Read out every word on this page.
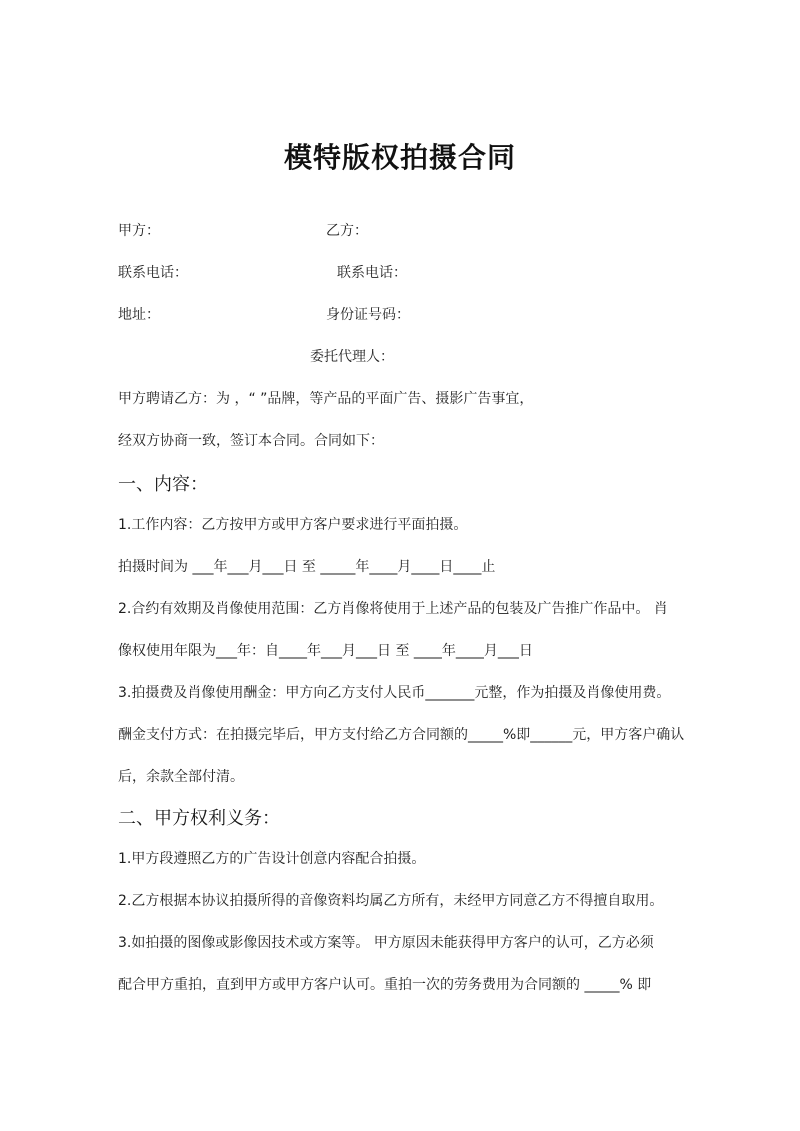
模特版权拍摄合同
甲方：	乙方：
联系电话：	联系电话：
地址：	身份证号码：
委托代理人：
甲方聘请乙方：为 ，“ ”品牌，等产品的平面广告、摄影广告事宜，
经双方协商一致，签订本合同。合同如下：
一、内容：
1.工作内容：乙方按甲方或甲方客户要求进行平面拍摄。
拍摄时间为 ___年___月___日 至 _____年____月____日____止
2.合约有效期及肖像使用范围：乙方肖像将使用于上述产品的包装及广告推广作品中。 肖
像权使用年限为___年：自____年___月___日 至 ____年____月___日
3.拍摄费及肖像使用酬金：甲方向乙方支付人民币_______元整，作为拍摄及肖像使用费。
酬金支付方式：在拍摄完毕后，甲方支付给乙方合同额的_____%即______元，甲方客户确认
后，余款全部付清。
二、甲方权利义务：
1.甲方段遵照乙方的广告设计创意内容配合拍摄。
2.乙方根据本协议拍摄所得的音像资料均属乙方所有，未经甲方同意乙方不得擅自取用。
3.如拍摄的图像或影像因技术或方案等。 甲方原因未能获得甲方客户的认可，乙方必须
配合甲方重拍，直到甲方或甲方客户认可。重拍一次的劳务费用为合同额的 _____% 即
